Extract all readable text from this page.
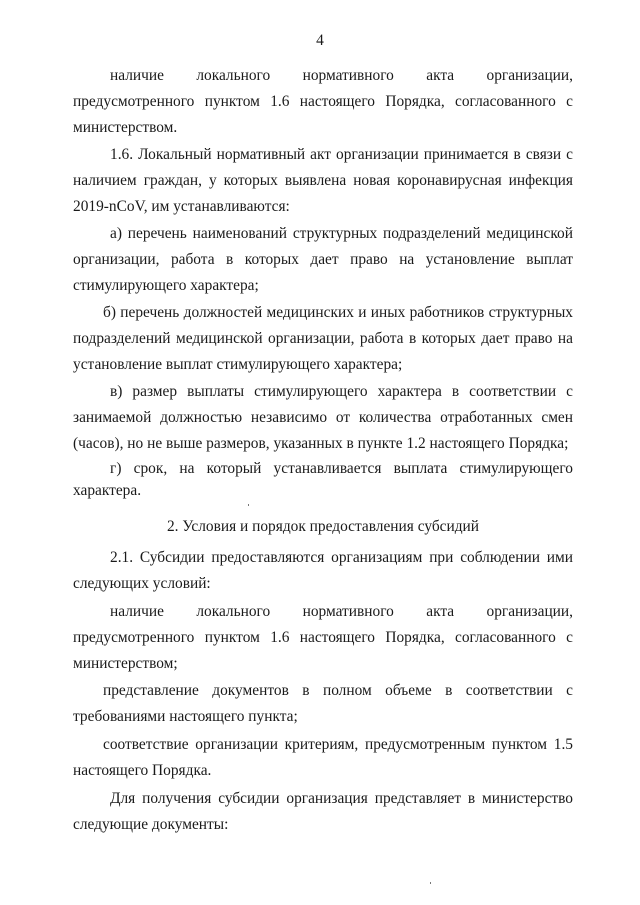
4

наличие локального нормативного акта организации, предусмотренного пунктом 1.6 настоящего Порядка, согласованного с министерством.

1.6. Локальный нормативный акт организации принимается в связи с наличием граждан, у которых выявлена новая коронавирусная инфекция 2019-nCoV, им устанавливаются:

а) перечень наименований структурных подразделений медицинской организации, работа в которых дает право на установление выплат стимулирующего характера;

б) перечень должностей медицинских и иных работников структурных подразделений медицинской организации, работа в которых дает право на установление выплат стимулирующего характера;

в) размер выплаты стимулирующего характера в соответствии с занимаемой должностью независимо от количества отработанных смен (часов), но не выше размеров, указанных в пункте 1.2 настоящего Порядка;

г) срок, на который устанавливается выплата стимулирующего характера.

2. Условия и порядок предоставления субсидий

2.1. Субсидии предоставляются организациям при соблюдении ими следующих условий:

наличие локального нормативного акта организации, предусмотренного пунктом 1.6 настоящего Порядка, согласованного с министерством;

представление документов в полном объеме в соответствии с требованиями настоящего пункта;

соответствие организации критериям, предусмотренным пунктом 1.5 настоящего Порядка.

Для получения субсидии организация представляет в министерство следующие документы:
